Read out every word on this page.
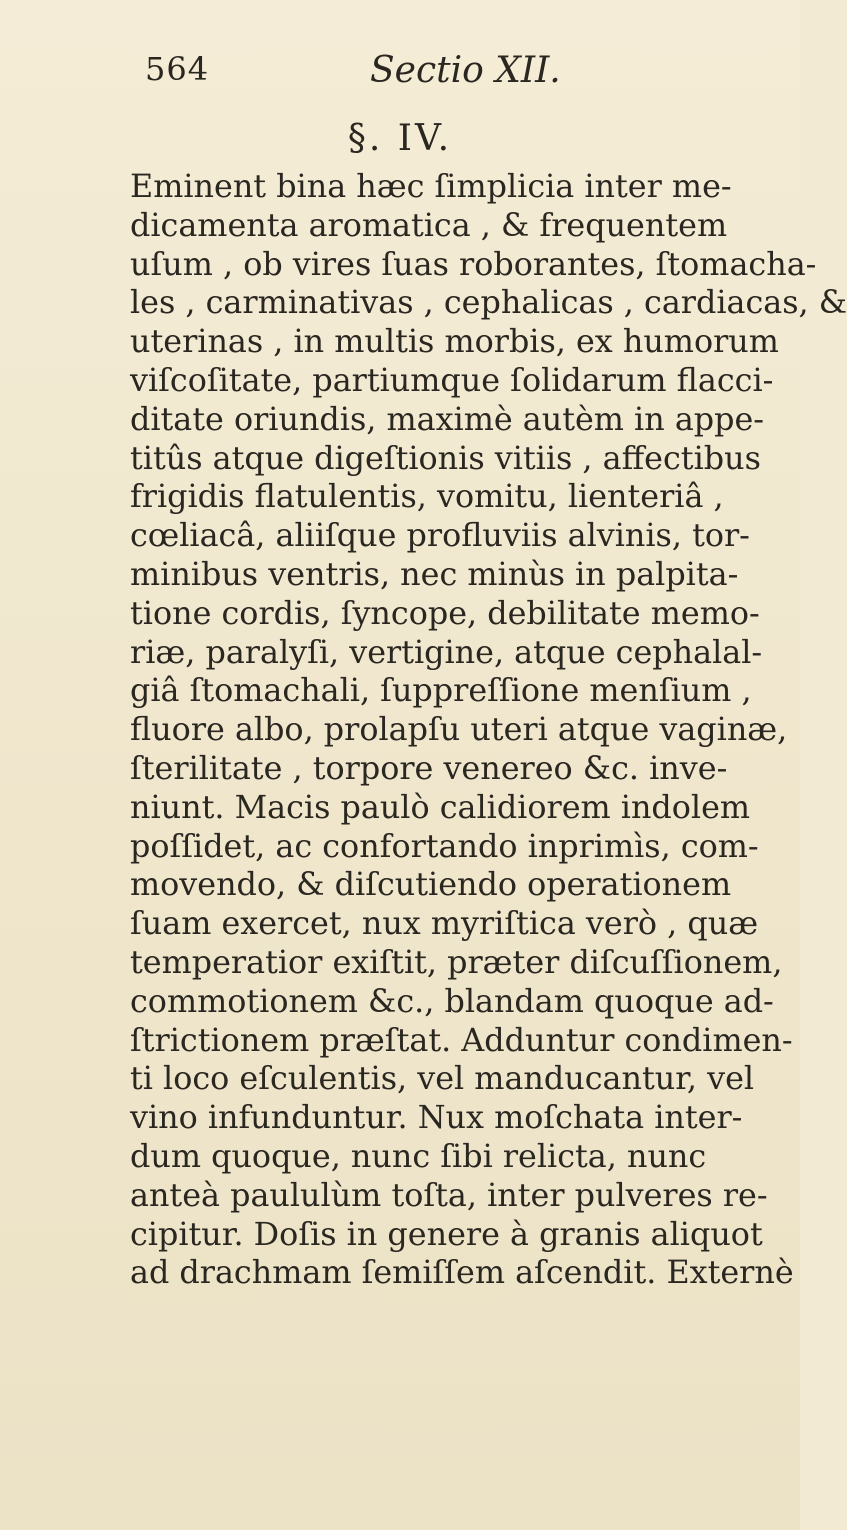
564	Sectio XII.
§. IV.
Eminent bina hæc ſimplicia inter me-
dicamenta aromatica , & frequentem
uſum , ob vires ſuas roborantes, ſtomacha-
les , carminativas , cephalicas , cardiacas, &
uterinas , in multis morbis, ex humorum
viſcoſitate, partiumque ſolidarum flacci-
ditate oriundis, maximè autèm in appe-
titûs atque digeſtionis vitiis , affectibus
frigidis flatulentis, vomitu, lienteriâ ,
cœliacâ, aliiſque profluviis alvinis, tor-
minibus ventris, nec minùs in palpita-
tione cordis, ſyncope, debilitate memo-
riæ, paralyſi, vertigine, atque cephalal-
giâ ſtomachali, ſuppreſſione menſium ,
fluore albo, prolapſu uteri atque vaginæ,
ſterilitate , torpore venereo &c. inve-
niunt. Macis paulò calidiorem indolem
poſſidet, ac confortando inprimìs, com-
movendo, & diſcutiendo operationem
ſuam exercet, nux myriſtica verò , quæ
temperatior exiſtit, præter diſcuſſionem,
commotionem &c., blandam quoque ad-
ſtrictionem præſtat. Adduntur condimen-
ti loco eſculentis, vel manducantur, vel
vino infunduntur. Nux moſchata inter-
dum quoque, nunc ſibi relicta, nunc
anteà paululùm toſta, inter pulveres re-
cipitur. Doſis in genere à granis aliquot
ad drachmam ſemiſſem aſcendit. Externè
